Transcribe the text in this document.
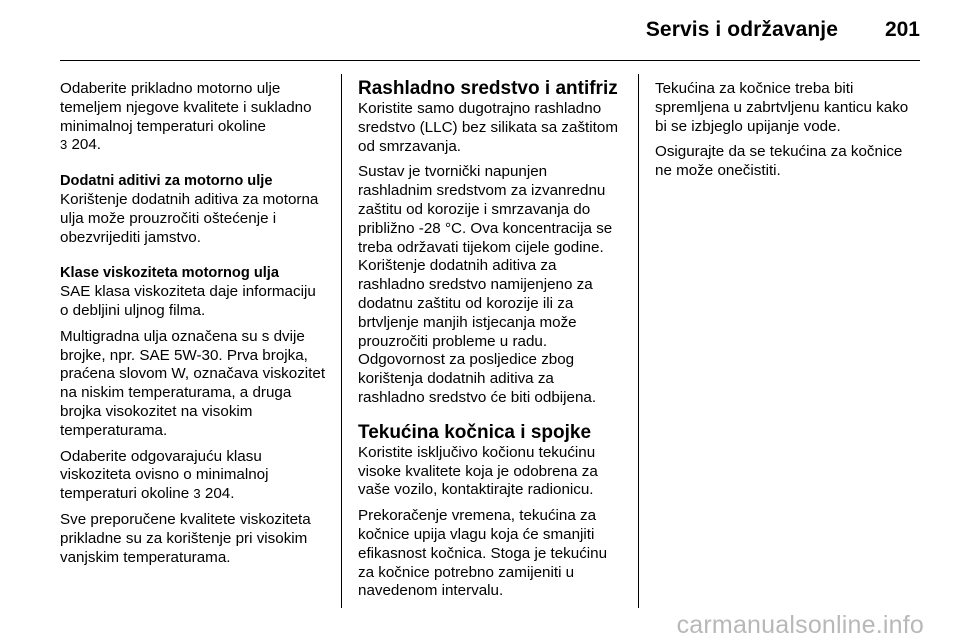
Servis i održavanje 201

Odaberite prikladno motorno ulje temeljem njegove kvalitete i sukladno minimalnoj temperaturi okoline
3 204.

Dodatni aditivi za motorno ulje

Korištenje dodatnih aditiva za motorna ulja može prouzročiti oštećenje i obezvrijediti jamstvo.

Klase viskoziteta motornog ulja

SAE klasa viskoziteta daje informaciju o debljini uljnog filma.

Multigradna ulja označena su s dvije brojke, npr. SAE 5W-30. Prva brojka, praćena slovom W, označava viskozitet na niskim temperaturama, a druga brojka visokozitet na visokim temperaturama.

Odaberite odgovarajuću klasu viskoziteta ovisno o minimalnoj temperaturi okoline 3 204.

Sve preporučene kvalitete viskoziteta prikladne su za korištenje pri visokim vanjskim temperaturama.

Rashladno sredstvo i antifriz

Koristite samo dugotrajno rashladno sredstvo (LLC) bez silikata sa zaštitom od smrzavanja.

Sustav je tvornički napunjen rashladnim sredstvom za izvanrednu zaštitu od korozije i smrzavanja do približno -28 °C. Ova koncentracija se treba održavati tijekom cijele godine. Korištenje dodatnih aditiva za rashladno sredstvo namijenjeno za dodatnu zaštitu od korozije ili za brtvljenje manjih istjecanja može prouzročiti probleme u radu. Odgovornost za posljedice zbog korištenja dodatnih aditiva za rashladno sredstvo će biti odbijena.

Tekućina kočnica i spojke

Koristite isključivo kočionu tekućinu visoke kvalitete koja je odobrena za vaše vozilo, kontaktirajte radionicu.

Prekoračenje vremena, tekućina za kočnice upija vlagu koja će smanjiti efikasnost kočnica. Stoga je tekućinu za kočnice potrebno zamijeniti u navedenom intervalu.

Tekućina za kočnice treba biti spremljena u zabrtvljenu kanticu kako bi se izbjeglo upijanje vode.

Osigurajte da se tekućina za kočnice ne može onečistiti.

carmanualsonline.info
